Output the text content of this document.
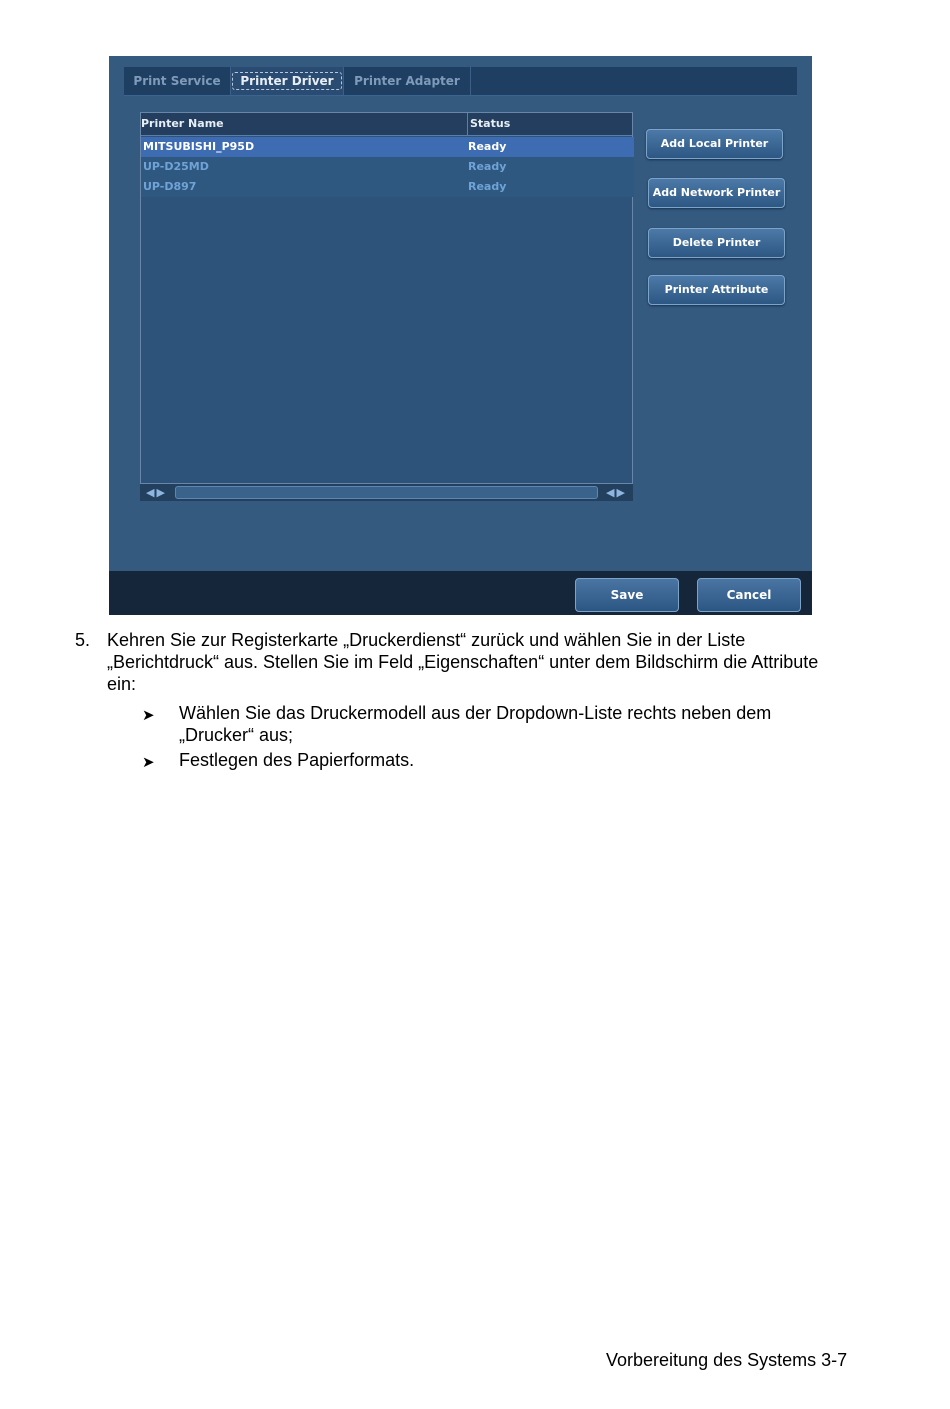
Print Service	Printer Driver	Printer Adapter
Printer Name	Status
MITSUBISHI_P95D	Ready
UP-D25MD	Ready
UP-D897	Ready
◀▶	◀▶
Add Local Printer
Add Network Printer
Delete Printer
Printer Attribute
Save	Cancel
5. Kehren Sie zur Registerkarte „Druckerdienst“ zurück und wählen Sie in der Liste „Berichtdruck“ aus. Stellen Sie im Feld „Eigenschaften“ unter dem Bildschirm die Attribute ein:
➤ Wählen Sie das Druckermodell aus der Dropdown-Liste rechts neben dem „Drucker“ aus;
➤ Festlegen des Papierformats.
Vorbereitung des Systems 3-7
